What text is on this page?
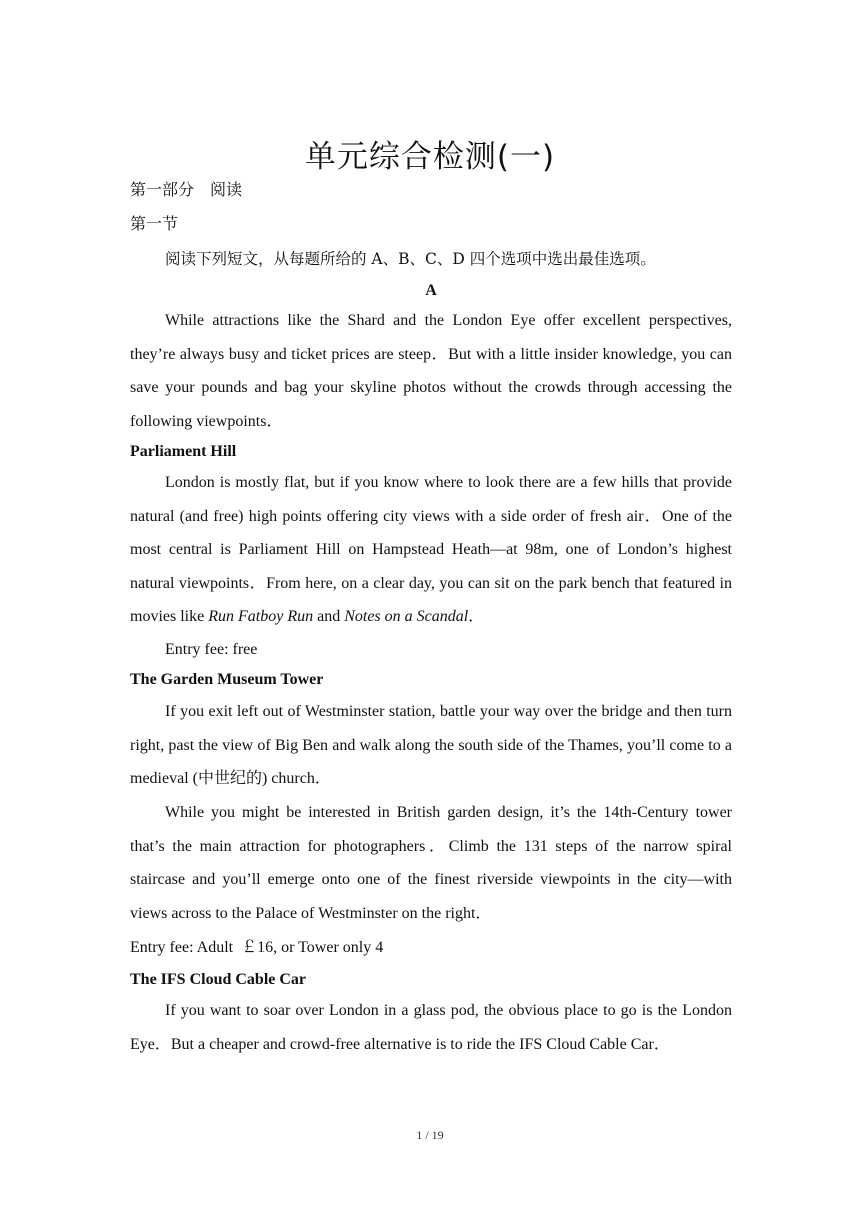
单元综合检测(一)
第一部分　阅读
第一节
阅读下列短文，从每题所给的 A、B、C、D 四个选项中选出最佳选项。
A
While attractions like the Shard and the London Eye offer excellent perspectives, they’re always busy and ticket prices are steep．But with a little insider knowledge, you can save your pounds and bag your skyline photos without the crowds through accessing the following viewpoints．
Parliament Hill
London is mostly flat, but if you know where to look there are a few hills that provide natural (and free) high points offering city views with a side order of fresh air．One of the most central is Parliament Hill on Hampstead Heath—at 98m, one of London’s highest natural viewpoints．From here, on a clear day, you can sit on the park bench that featured in movies like Run Fatboy Run and Notes on a Scandal．
Entry fee: free
The Garden Museum Tower
If you exit left out of Westminster station, battle your way over the bridge and then turn right, past the view of Big Ben and walk along the south side of the Thames, you’ll come to a medieval (中世纪的) church．
While you might be interested in British garden design, it’s the 14th-Century tower that’s the main attraction for photographers．Climb the 131 steps of the narrow spiral staircase and you’ll emerge onto one of the finest riverside viewpoints in the city—with views across to the Palace of Westminster on the right．
Entry fee: Adult  ￡16, or Tower only 4
The IFS Cloud Cable Car
If you want to soar over London in a glass pod, the obvious place to go is the London Eye．But a cheaper and crowd-free alternative is to ride the IFS Cloud Cable Car．
1 / 19
